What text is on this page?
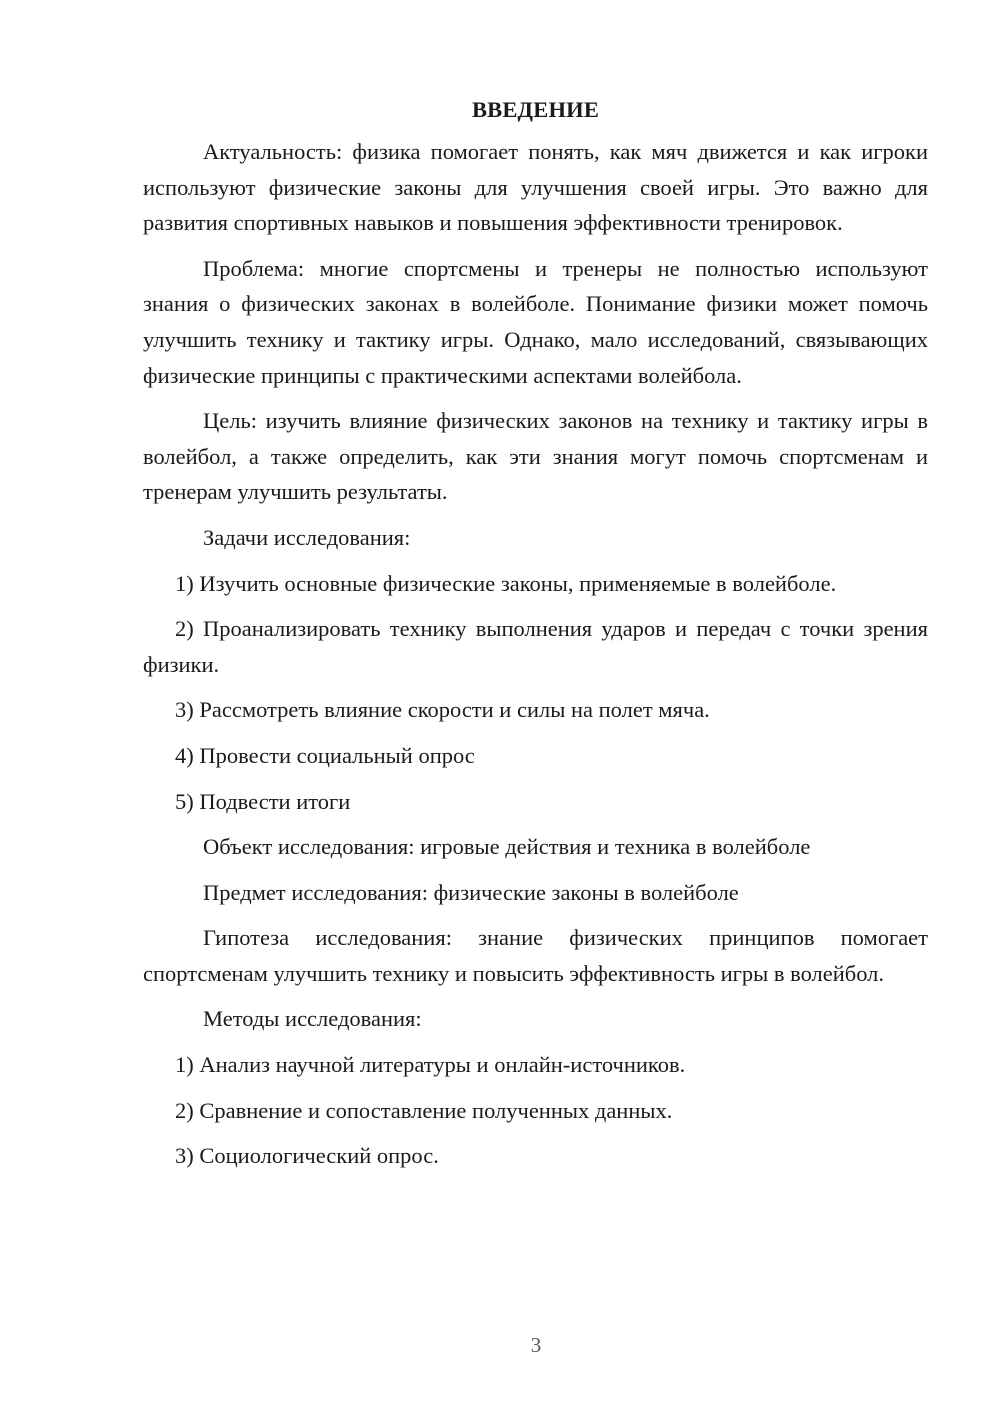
ВВЕДЕНИЕ

Актуальность: физика помогает понять, как мяч движется и как игроки используют физические законы для улучшения своей игры. Это важно для развития спортивных навыков и повышения эффективности тренировок.

Проблема: многие спортсмены и тренеры не полностью используют знания о физических законах в волейболе. Понимание физики может помочь улучшить технику и тактику игры. Однако, мало исследований, связывающих физические принципы с практическими аспектами волейбола.

Цель: изучить влияние физических законов на технику и тактику игры в волейбол, а также определить, как эти знания могут помочь спортсменам и тренерам улучшить результаты.

Задачи исследования:

1) Изучить основные физические законы, применяемые в волейболе.

2) Проанализировать технику выполнения ударов и передач с точки зрения физики.

3) Рассмотреть влияние скорости и силы на полет мяча.

4) Провести социальный опрос

5) Подвести итоги

Объект исследования: игровые действия и техника в волейболе

Предмет исследования: физические законы в волейболе

Гипотеза исследования: знание физических принципов помогает спортсменам улучшить технику и повысить эффективность игры в волейбол.

Методы исследования:

1) Анализ научной литературы и онлайн-источников.

2) Сравнение и сопоставление полученных данных.

3) Социологический опрос.

3
